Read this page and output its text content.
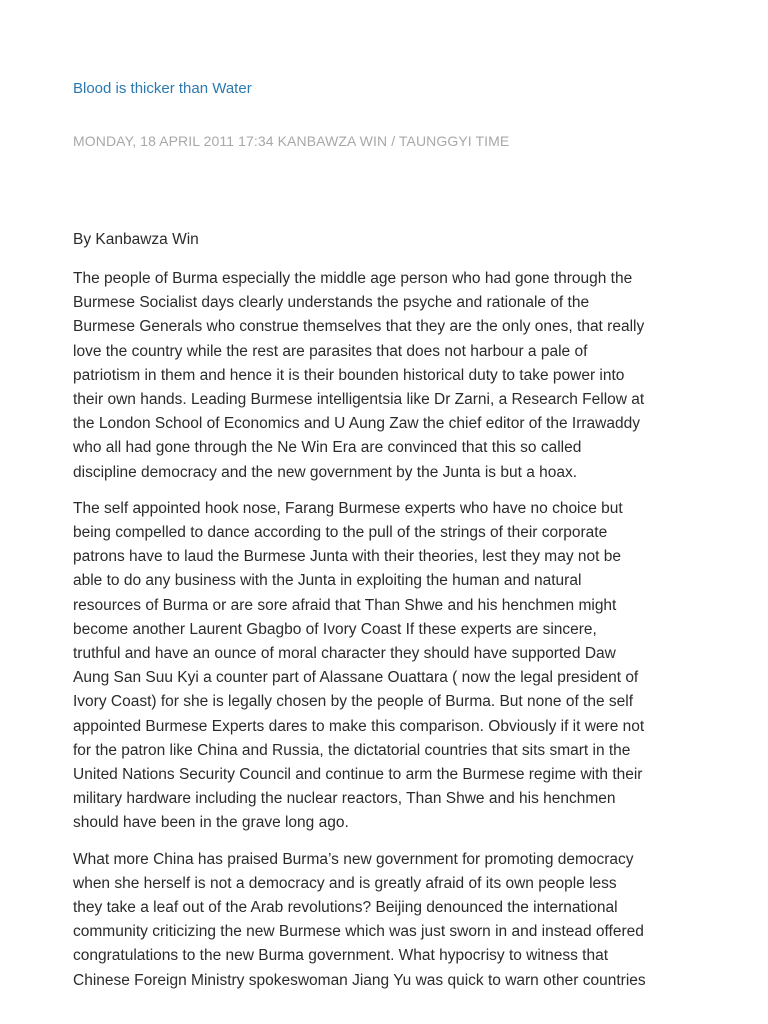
Blood is thicker than Water
MONDAY, 18 APRIL 2011 17:34 KANBAWZA WIN / TAUNGGYI TIME
By Kanbawza Win

The people of Burma especially the middle age person who had gone through the
Burmese Socialist days clearly understands the psyche and rationale of the
Burmese Generals who construe themselves that they are the only ones, that really
love the country while the rest are parasites that does not harbour a pale of
patriotism in them and hence it is their bounden historical duty to take power into
their own hands. Leading Burmese intelligentsia like Dr Zarni, a Research Fellow at
the London School of Economics and U Aung Zaw the chief editor of the Irrawaddy
who all had gone through the Ne Win Era are convinced that this so called
discipline democracy and the new government by the Junta is but a hoax.

The self appointed hook nose, Farang Burmese experts who have no choice but
being compelled to dance according to the pull of the strings of their corporate
patrons have to laud the Burmese Junta with their theories, lest they may not be
able to do any business with the Junta in exploiting the human and natural
resources of Burma or are sore afraid that Than Shwe and his henchmen might
become another Laurent Gbagbo of Ivory Coast If these experts are sincere,
truthful and have an ounce of moral character they should have supported Daw
Aung San Suu Kyi a counter part of Alassane Ouattara ( now the legal president of
Ivory Coast) for she is legally chosen by the people of Burma. But none of the self
appointed Burmese Experts dares to make this comparison. Obviously if it were not
for the patron like China and Russia, the dictatorial countries that sits smart in the
United Nations Security Council and continue to arm the Burmese regime with their
military hardware including the nuclear reactors, Than Shwe and his henchmen
should have been in the grave long ago.

What more China has praised Burma’s new government for promoting democracy
when she herself is not a democracy and is greatly afraid of its own people less
they take a leaf out of the Arab revolutions? Beijing denounced the international
community criticizing the new Burmese which was just sworn in and instead offered
congratulations to the new Burma government. What hypocrisy to witness that
Chinese Foreign Ministry spokeswoman Jiang Yu was quick to warn other countries
